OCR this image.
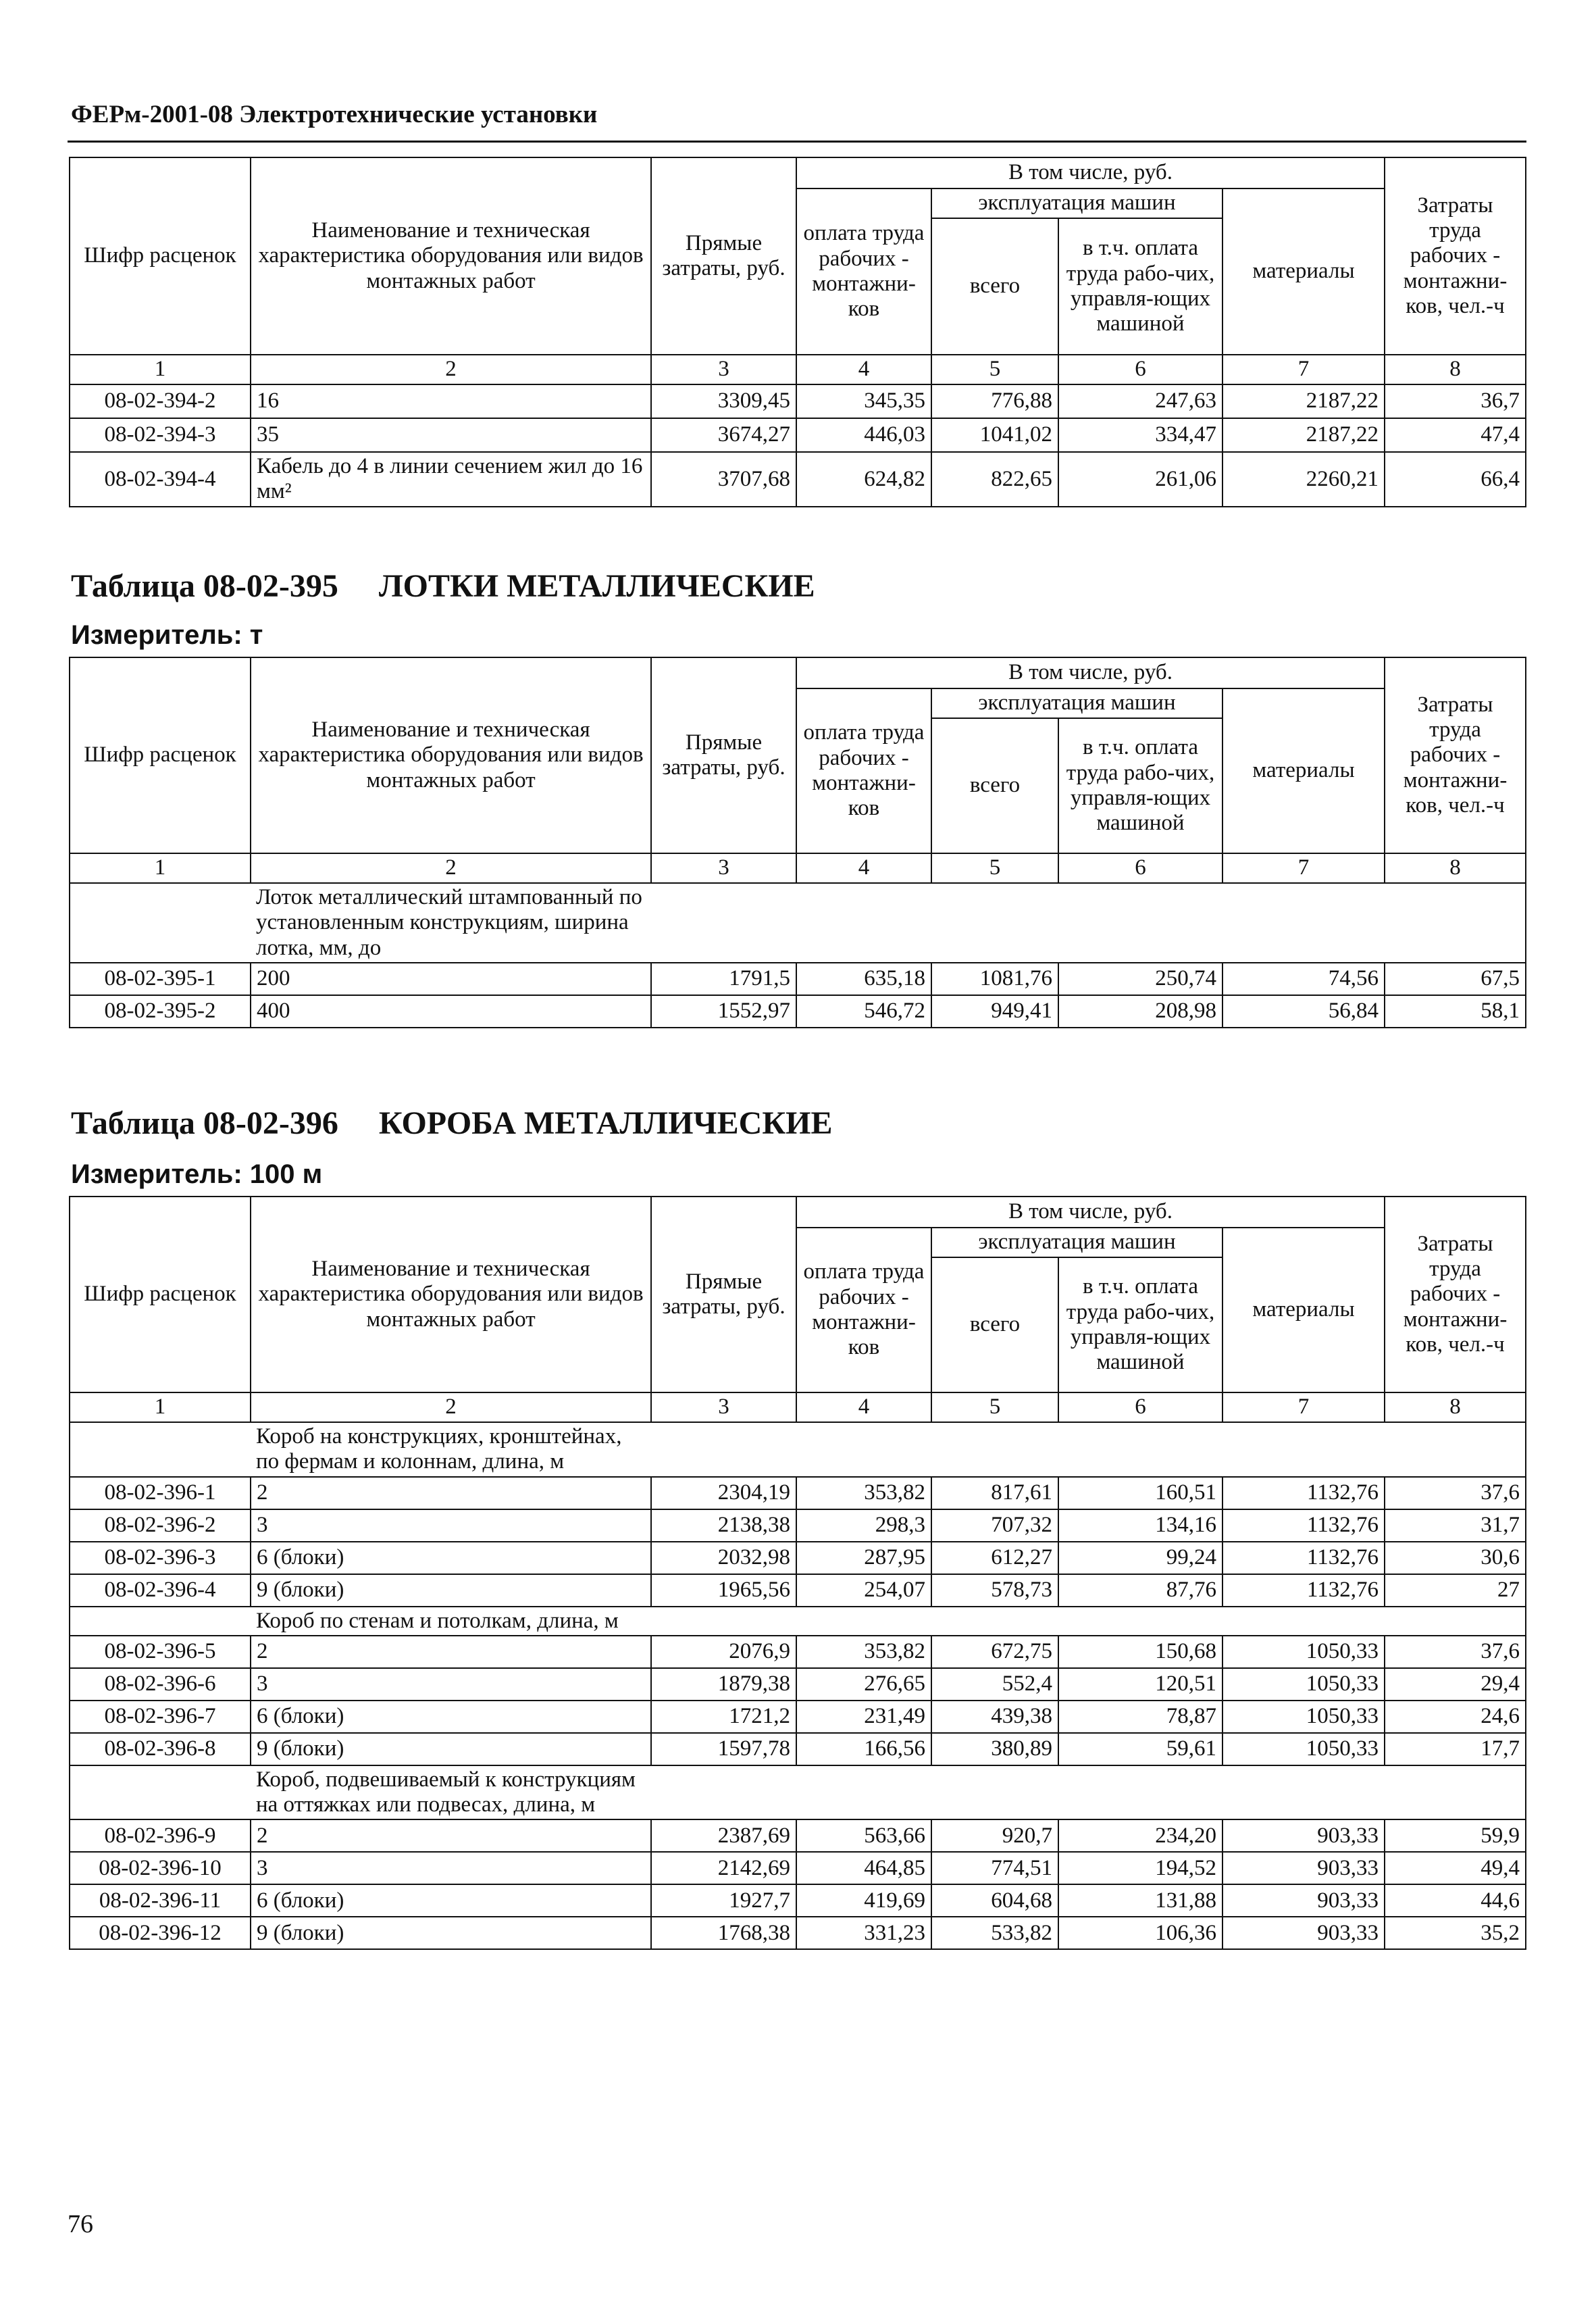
ФЕРм-2001-08 Электротехнические установки
Шифр расценок	Наименование и техническая характеристика оборудования или видов монтажных работ	Прямые затраты, руб.	В том числе, руб.				Затраты труда рабочих - монтажни-ков, чел.-ч
			оплата труда рабочих - монтажни-ков	эксплуатация машин		материалы	
				всего	в т.ч. оплата труда рабо-чих, управля-ющих машиной		
1	2	3	4	5	6	7	8
08-02-394-2	16	3309,45	345,35	776,88	247,63	2187,22	36,7
08-02-394-3	35	3674,27	446,03	1041,02	334,47	2187,22	47,4
08-02-394-4	Кабель до 4 в линии сечением жил до 16 мм²	3707,68	624,82	822,65	261,06	2260,21	66,4
Таблица 08-02-395 ЛОТКИ МЕТАЛЛИЧЕСКИЕ
Измеритель: т
Шифр расценок	Наименование и техническая характеристика оборудования или видов монтажных работ	Прямые затраты, руб.	В том числе, руб.				Затраты труда рабочих - монтажни-ков, чел.-ч
			оплата труда рабочих - монтажни-ков	эксплуатация машин		материалы	
				всего	в т.ч. оплата труда рабо-чих, управля-ющих машиной		
1	2	3	4	5	6	7	8

	Лоток металлический штампованный по установленным конструкциям, ширина лотка, мм, до						

08-02-395-1	200	1791,5	635,18	1081,76	250,74	74,56	67,5
08-02-395-2	400	1552,97	546,72	949,41	208,98	56,84	58,1
Таблица 08-02-396 КОРОБА МЕТАЛЛИЧЕСКИЕ
Измеритель: 100 м
Шифр расценок	Наименование и техническая характеристика оборудования или видов монтажных работ	Прямые затраты, руб.	В том числе, руб.				Затраты труда рабочих - монтажни-ков, чел.-ч
			оплата труда рабочих - монтажни-ков	эксплуатация машин		материалы	
				всего	в т.ч. оплата труда рабо-чих, управля-ющих машиной		
1	2	3	4	5	6	7	8

	Короб на конструкциях, кронштейнах, по фермам и колоннам, длина, м						

08-02-396-1	2	2304,19	353,82	817,61	160,51	1132,76	37,6
08-02-396-2	3	2138,38	298,3	707,32	134,16	1132,76	31,7
08-02-396-3	6 (блоки)	2032,98	287,95	612,27	99,24	1132,76	30,6
08-02-396-4	9 (блоки)	1965,56	254,07	578,73	87,76	1132,76	27

	Короб по стенам и потолкам, длина, м						

08-02-396-5	2	2076,9	353,82	672,75	150,68	1050,33	37,6
08-02-396-6	3	1879,38	276,65	552,4	120,51	1050,33	29,4
08-02-396-7	6 (блоки)	1721,2	231,49	439,38	78,87	1050,33	24,6
08-02-396-8	9 (блоки)	1597,78	166,56	380,89	59,61	1050,33	17,7

	Короб, подвешиваемый к конструкциям на оттяжках или подвесах, длина, м						

08-02-396-9	2	2387,69	563,66	920,7	234,20	903,33	59,9
08-02-396-10	3	2142,69	464,85	774,51	194,52	903,33	49,4
08-02-396-11	6 (блоки)	1927,7	419,69	604,68	131,88	903,33	44,6
08-02-396-12	9 (блоки)	1768,38	331,23	533,82	106,36	903,33	35,2
76
